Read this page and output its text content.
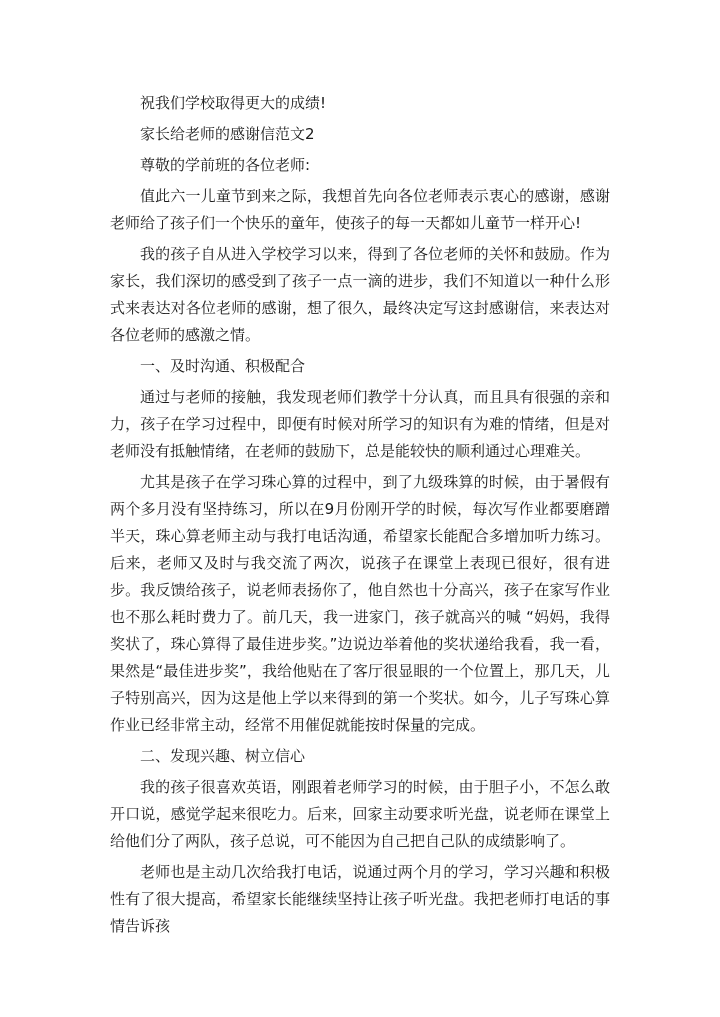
祝我们学校取得更大的成绩!

家长给老师的感谢信范文2

尊敬的学前班的各位老师:

值此六一儿童节到来之际，我想首先向各位老师表示衷心的感谢，感谢老师给了孩子们一个快乐的童年，使孩子的每一天都如儿童节一样开心!

我的孩子自从进入学校学习以来，得到了各位老师的关怀和鼓励。作为家长，我们深切的感受到了孩子一点一滴的进步，我们不知道以一种什么形式来表达对各位老师的感谢，想了很久，最终决定写这封感谢信，来表达对各位老师的感激之情。

一、及时沟通、积极配合

通过与老师的接触，我发现老师们教学十分认真，而且具有很强的亲和力，孩子在学习过程中，即便有时候对所学习的知识有为难的情绪，但是对老师没有抵触情绪，在老师的鼓励下，总是能较快的顺利通过心理难关。

尤其是孩子在学习珠心算的过程中，到了九级珠算的时候，由于暑假有两个多月没有坚持练习，所以在9月份刚开学的时候，每次写作业都要磨蹭半天，珠心算老师主动与我打电话沟通，希望家长能配合多增加听力练习。后来，老师又及时与我交流了两次，说孩子在课堂上表现已很好，很有进步。我反馈给孩子，说老师表扬你了，他自然也十分高兴，孩子在家写作业也不那么耗时费力了。前几天，我一进家门，孩子就高兴的喊 “妈妈，我得奖状了，珠心算得了最佳进步奖。”边说边举着他的奖状递给我看，我一看，果然是“最佳进步奖”，我给他贴在了客厅很显眼的一个位置上，那几天，儿子特别高兴，因为这是他上学以来得到的第一个奖状。如今，儿子写珠心算作业已经非常主动，经常不用催促就能按时保量的完成。

二、发现兴趣、树立信心

我的孩子很喜欢英语，刚跟着老师学习的时候，由于胆子小，不怎么敢开口说，感觉学起来很吃力。后来，回家主动要求听光盘，说老师在课堂上给他们分了两队，孩子总说，可不能因为自己把自己队的成绩影响了。

老师也是主动几次给我打电话，说通过两个月的学习，学习兴趣和积极性有了很大提高，希望家长能继续坚持让孩子听光盘。我把老师打电话的事情告诉孩
